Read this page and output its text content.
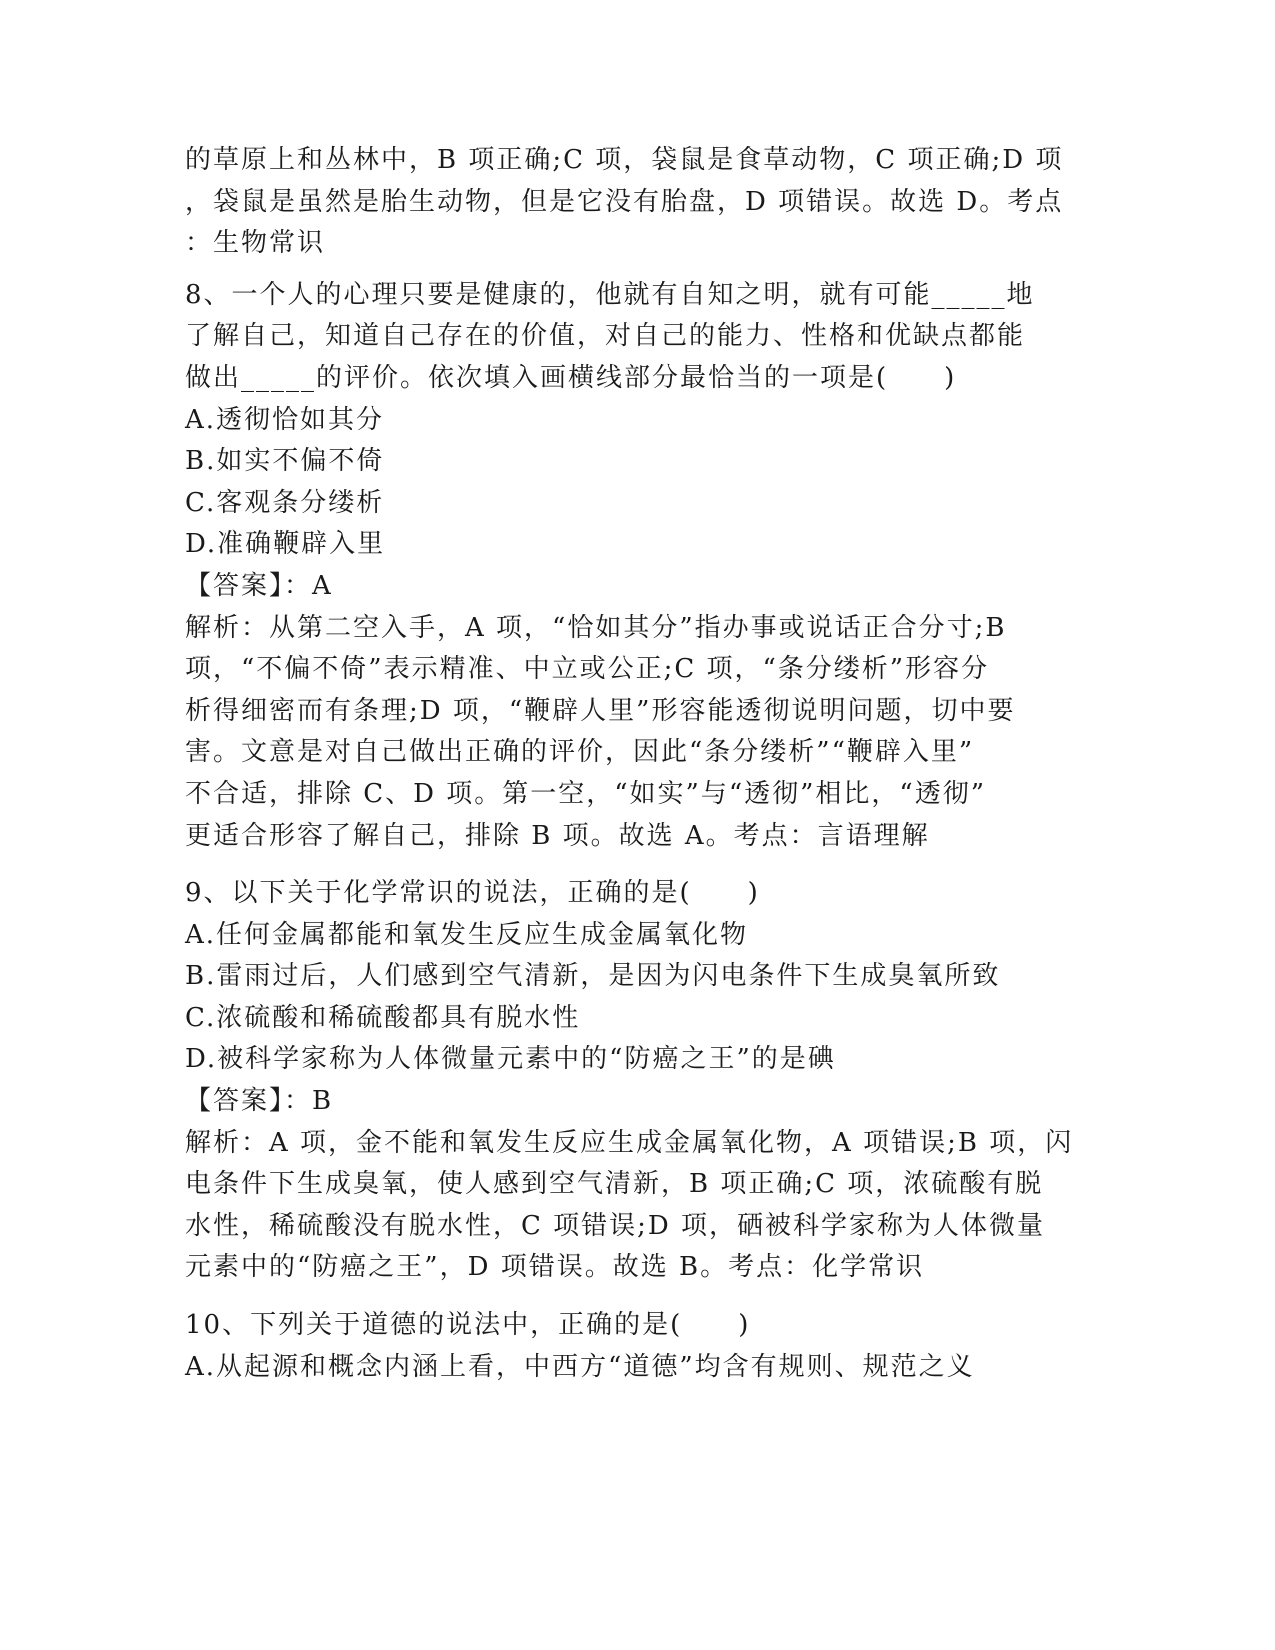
的草原上和丛林中，B 项正确;C 项，袋鼠是食草动物，C 项正确;D 项
，袋鼠是虽然是胎生动物，但是它没有胎盘，D 项错误。故选 D。考点
：生物常识
8、一个人的心理只要是健康的，他就有自知之明，就有可能_____地
了解自己，知道自己存在的价值，对自己的能力、性格和优缺点都能
做出_____的评价。依次填入画横线部分最恰当的一项是(　　)
A.透彻恰如其分
B.如实不偏不倚
C.客观条分缕析
D.准确鞭辟入里
【答案】：A
解析：从第二空入手，A 项，“恰如其分”指办事或说话正合分寸;B
项，“不偏不倚”表示精准、中立或公正;C 项，“条分缕析”形容分
析得细密而有条理;D 项，“鞭辟人里”形容能透彻说明问题，切中要
害。文意是对自己做出正确的评价，因此“条分缕析”“鞭辟入里”
不合适，排除 C、D 项。第一空，“如实”与“透彻”相比，“透彻”
更适合形容了解自己，排除 B 项。故选 A。考点：言语理解
9、以下关于化学常识的说法，正确的是(　　)
A.任何金属都能和氧发生反应生成金属氧化物
B.雷雨过后，人们感到空气清新，是因为闪电条件下生成臭氧所致
C.浓硫酸和稀硫酸都具有脱水性
D.被科学家称为人体微量元素中的“防癌之王”的是碘
【答案】：B
解析：A 项，金不能和氧发生反应生成金属氧化物，A 项错误;B 项，闪
电条件下生成臭氧，使人感到空气清新，B 项正确;C 项，浓硫酸有脱
水性，稀硫酸没有脱水性，C 项错误;D 项，硒被科学家称为人体微量
元素中的“防癌之王”，D 项错误。故选 B。考点：化学常识
10、下列关于道德的说法中，正确的是(　　)
A.从起源和概念内涵上看，中西方“道德”均含有规则、规范之义
